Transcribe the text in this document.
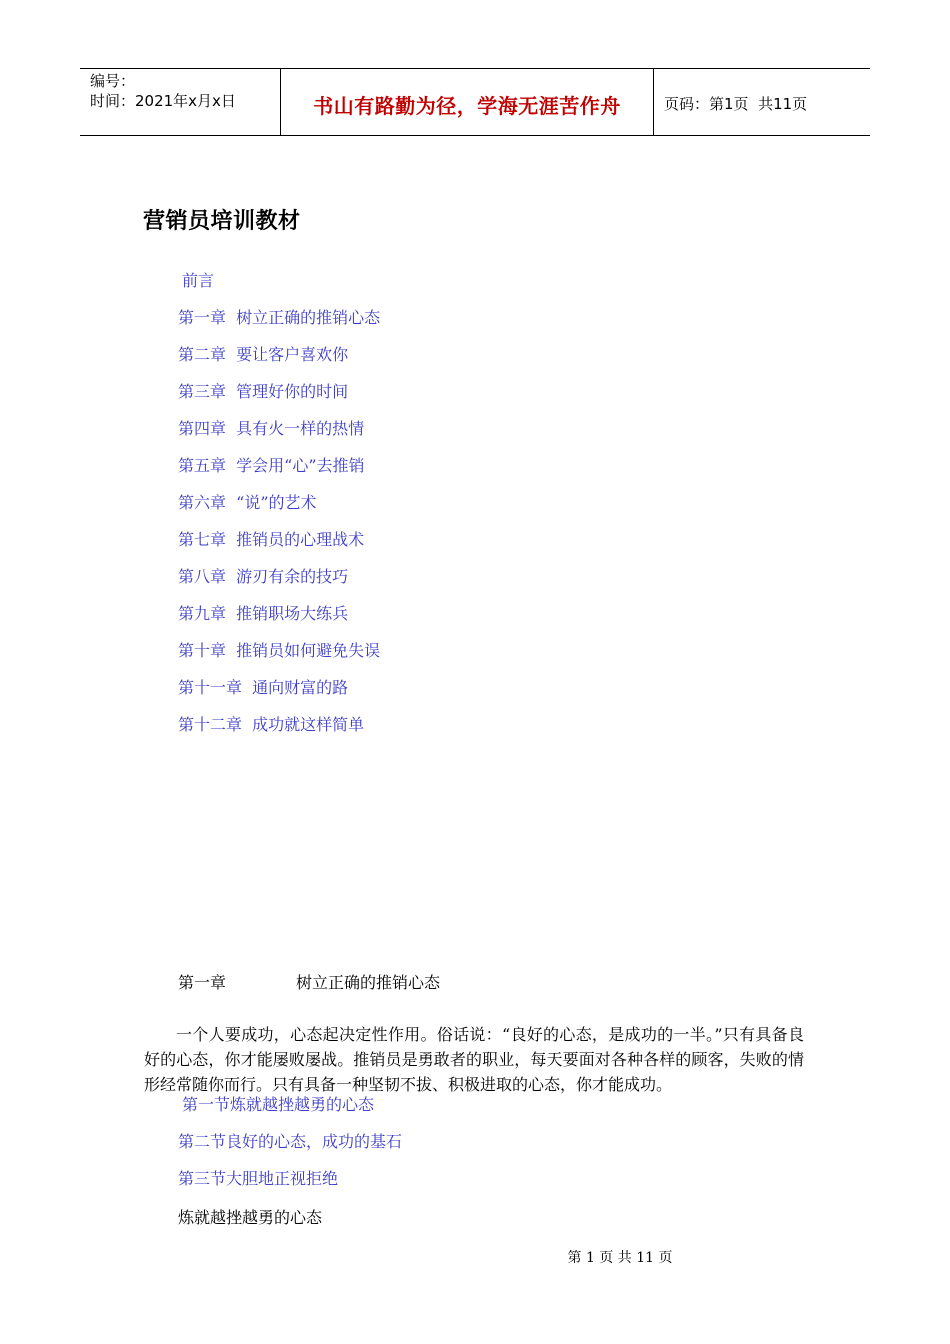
编号：
时间：2021年x月x日	书山有路勤为径，学海无涯苦作舟	页码：第1页  共11页
营销员培训教材
前言
第一章  树立正确的推销心态
第二章  要让客户喜欢你
第三章  管理好你的时间
第四章  具有火一样的热情
第五章  学会用“心”去推销
第六章  “说”的艺术
第七章  推销员的心理战术
第八章  游刃有余的技巧
第九章  推销职场大练兵
第十章  推销员如何避免失误
第十一章  通向财富的路
第十二章  成功就这样简单
第一章	树立正确的推销心态

一个人要成功，心态起决定性作用。俗话说：“良好的心态，是成功的一半。”只有具备良好的心态，你才能屡败屡战。推销员是勇敢者的职业，每天要面对各种各样的顾客，失败的情形经常随你而行。只有具备一种坚韧不拔、积极进取的心态，你才能成功。

第一节炼就越挫越勇的心态
第二节良好的心态，成功的基石
第三节大胆地正视拒绝
炼就越挫越勇的心态
第 1 页 共 11 页
